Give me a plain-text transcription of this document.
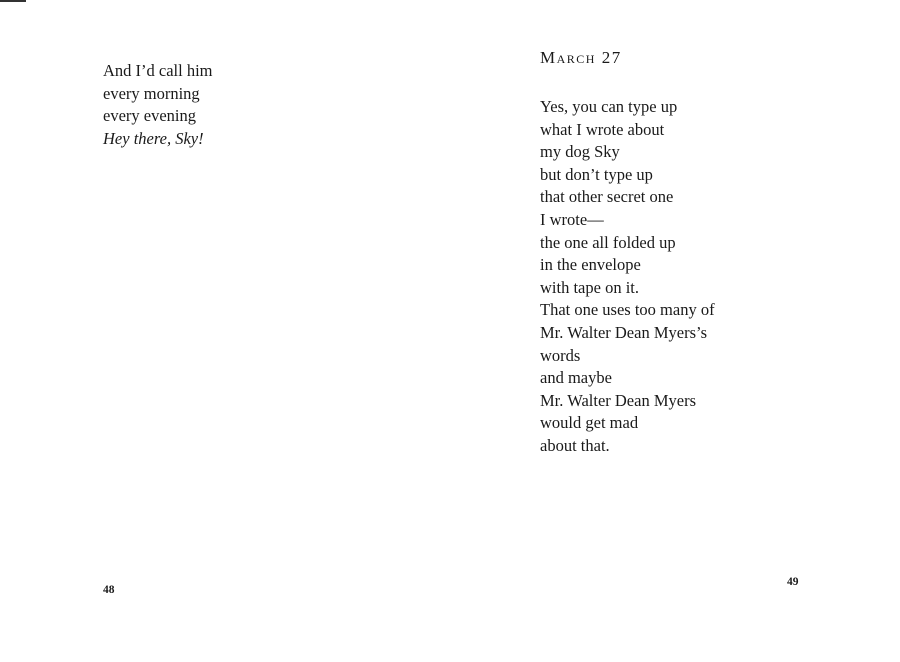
And I’d call him
every morning
every evening
Hey there, Sky!
48
March 27
Yes, you can type up
what I wrote about
my dog Sky
but don’t type up
that other secret one
I wrote—
the one all folded up
in the envelope
with tape on it.
That one uses too many of
Mr. Walter Dean Myers’s
words
and maybe
Mr. Walter Dean Myers
would get mad
about that.
49
